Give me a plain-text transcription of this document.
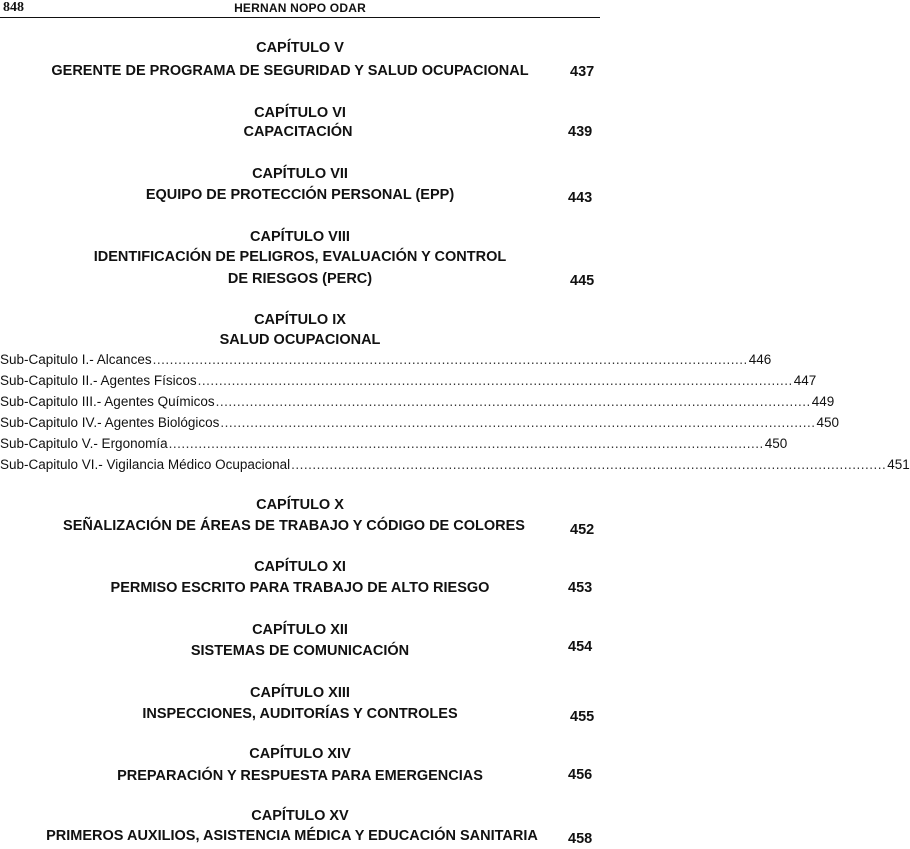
848	HERNAN NOPO ODAR
CAPÍTULO V
GERENTE DE PROGRAMA DE SEGURIDAD Y SALUD OCUPACIONAL	437
CAPÍTULO VI
CAPACITACIÓN	439
CAPÍTULO VII
EQUIPO DE PROTECCIÓN PERSONAL (EPP)	443
CAPÍTULO VIII
IDENTIFICACIÓN DE PELIGROS, EVALUACIÓN Y CONTROL
DE RIESGOS (PERC)	445
CAPÍTULO IX
SALUD OCUPACIONAL
Sub-Capitulo I.- Alcances ............................................................................................................................................ 446
Sub-Capitulo II.- Agentes Físicos ............................................................................................................................................ 447
Sub-Capitulo III.- Agentes Químicos ............................................................................................................................................ 449
Sub-Capitulo IV.- Agentes Biológicos ............................................................................................................................................ 450
Sub-Capitulo V.- Ergonomía ............................................................................................................................................ 450
Sub-Capitulo VI.- Vigilancia Médico Ocupacional ............................................................................................................................................ 451
CAPÍTULO X
SEÑALIZACIÓN DE ÁREAS DE TRABAJO Y CÓDIGO DE COLORES	452
CAPÍTULO XI
PERMISO ESCRITO PARA TRABAJO DE ALTO RIESGO	453
CAPÍTULO XII
SISTEMAS DE COMUNICACIÓN	454
CAPÍTULO XIII
INSPECCIONES, AUDITORÍAS Y CONTROLES	455
CAPÍTULO XIV
PREPARACIÓN Y RESPUESTA PARA EMERGENCIAS	456
CAPÍTULO XV
PRIMEROS AUXILIOS, ASISTENCIA MÉDICA Y EDUCACIÓN SANITARIA	458
